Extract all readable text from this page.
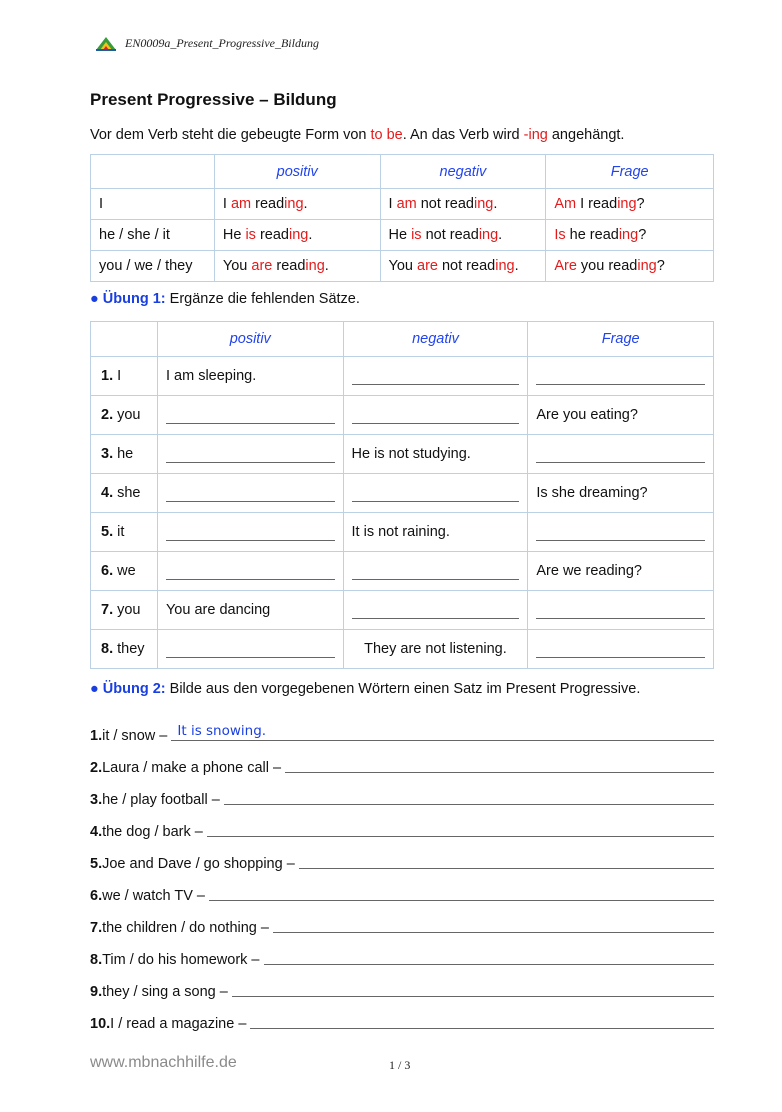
EN0009a_Present_Progressive_Bildung
Present Progressive – Bildung
Vor dem Verb steht die gebeugte Form von to be. An das Verb wird -ing angehängt.
	positiv	negativ	Frage
I	I am reading.	I am not reading.	Am I reading?
he / she / it	He is reading.	He is not reading.	Is he reading?
you / we / they	You are reading.	You are not reading.	Are you reading?
● Übung 1: Ergänze die fehlenden Sätze.
	positiv	negativ	Frage
1. I	I am sleeping.	

2. you			Are you eating?
3. he		He is not studying.	

4. she			Is she dreaming?
5. it		It is not raining.	

6. we			Are we reading?
7. you	You are dancing	

8. they		They are not listening.	
● Übung 2: Bilde aus den vorgegebenen Wörtern einen Satz im Present Progressive.
1. it / snow – It is snowing.
2. Laura / make a phone call –
3. he / play football –
4. the dog / bark –
5. Joe and Dave / go shopping –
6. we / watch TV –
7. the children / do nothing –
8. Tim / do his homework –
9. they / sing a song –
10. I / read a magazine –
www.mbnachhilfe.de	1 / 3
